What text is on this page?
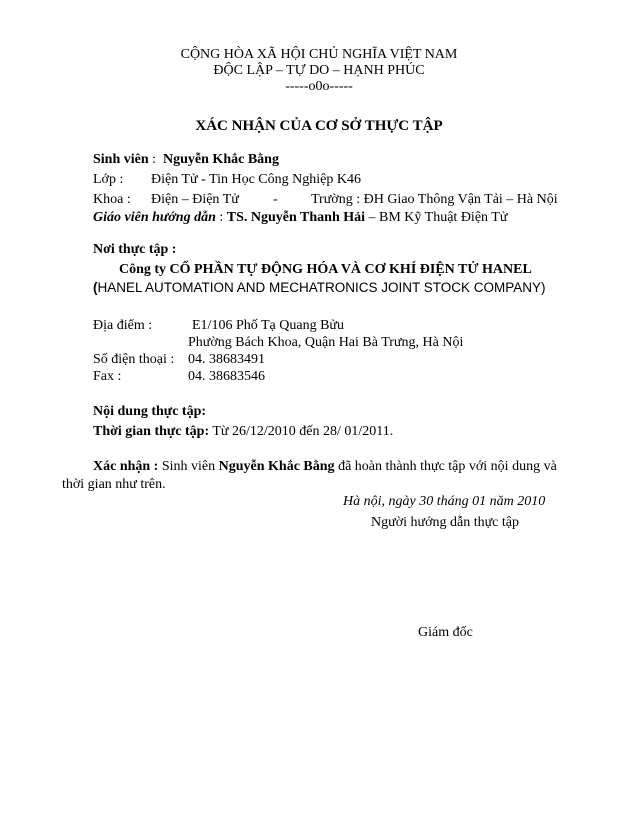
CỘNG HÒA XÃ HỘI CHỦ NGHĨA VIỆT NAM
ĐỘC LẬP – TỰ DO – HẠNH PHÚC
-----o0o-----
XÁC NHẬN CỦA CƠ SỞ THỰC TẬP
Sinh viên : Nguyễn Khắc Bằng
Lớp : Điện Tử - Tin Học Công Nghiệp K46
Khoa : Điện – Điện Tử - Trường : ĐH Giao Thông Vận Tải – Hà Nội
Giáo viên hướng dẫn : TS. Nguyễn Thanh Hải – BM Kỹ Thuật Điện Tử
Nơi thực tập :
Công ty CỔ PHẦN TỰ ĐỘNG HÓA VÀ CƠ KHÍ ĐIỆN TỬ HANEL
(HANEL AUTOMATION AND MECHATRONICS JOINT STOCK COMPANY)
Địa điểm :	E1/106 Phố Tạ Quang Bửu
Phường Bách Khoa, Quận Hai Bà Trưng, Hà Nội
Số điện thoại : 04. 38683491
Fax :	04. 38683546
Nội dung thực tập:
Thời gian thực tập: Từ 26/12/2010 đến 28/ 01/2011.
Xác nhận : Sinh viên Nguyễn Khắc Bằng đã hoàn thành thực tập với nội dung và
thời gian như trên.
Hà nội, ngày 30 tháng 01 năm 2010
Người hướng dẫn thực tập
Giám đốc
